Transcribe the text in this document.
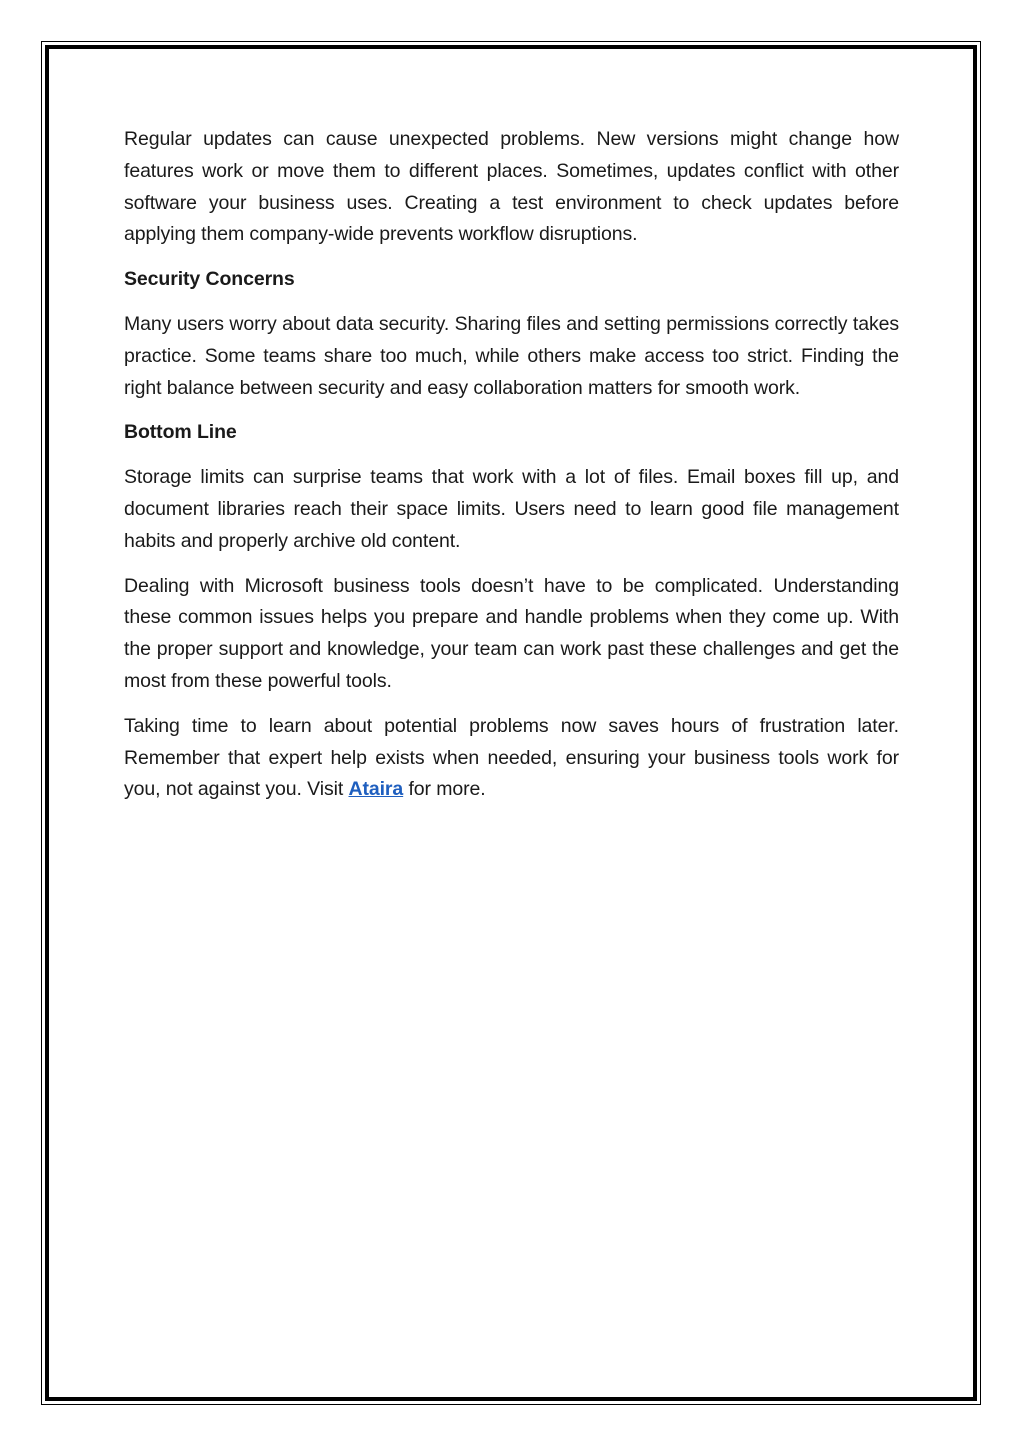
Regular updates can cause unexpected problems. New versions might change how features work or move them to different places. Sometimes, updates conflict with other software your business uses. Creating a test environment to check updates before applying them company-wide prevents workflow disruptions.

Security Concerns

Many users worry about data security. Sharing files and setting permissions correctly takes practice. Some teams share too much, while others make access too strict. Finding the right balance between security and easy collaboration matters for smooth work.

Bottom Line

Storage limits can surprise teams that work with a lot of files. Email boxes fill up, and document libraries reach their space limits. Users need to learn good file management habits and properly archive old content.

Dealing with Microsoft business tools doesn’t have to be complicated. Understanding these common issues helps you prepare and handle problems when they come up. With the proper support and knowledge, your team can work past these challenges and get the most from these powerful tools.

Taking time to learn about potential problems now saves hours of frustration later. Remember that expert help exists when needed, ensuring your business tools work for you, not against you. Visit Ataira for more.
